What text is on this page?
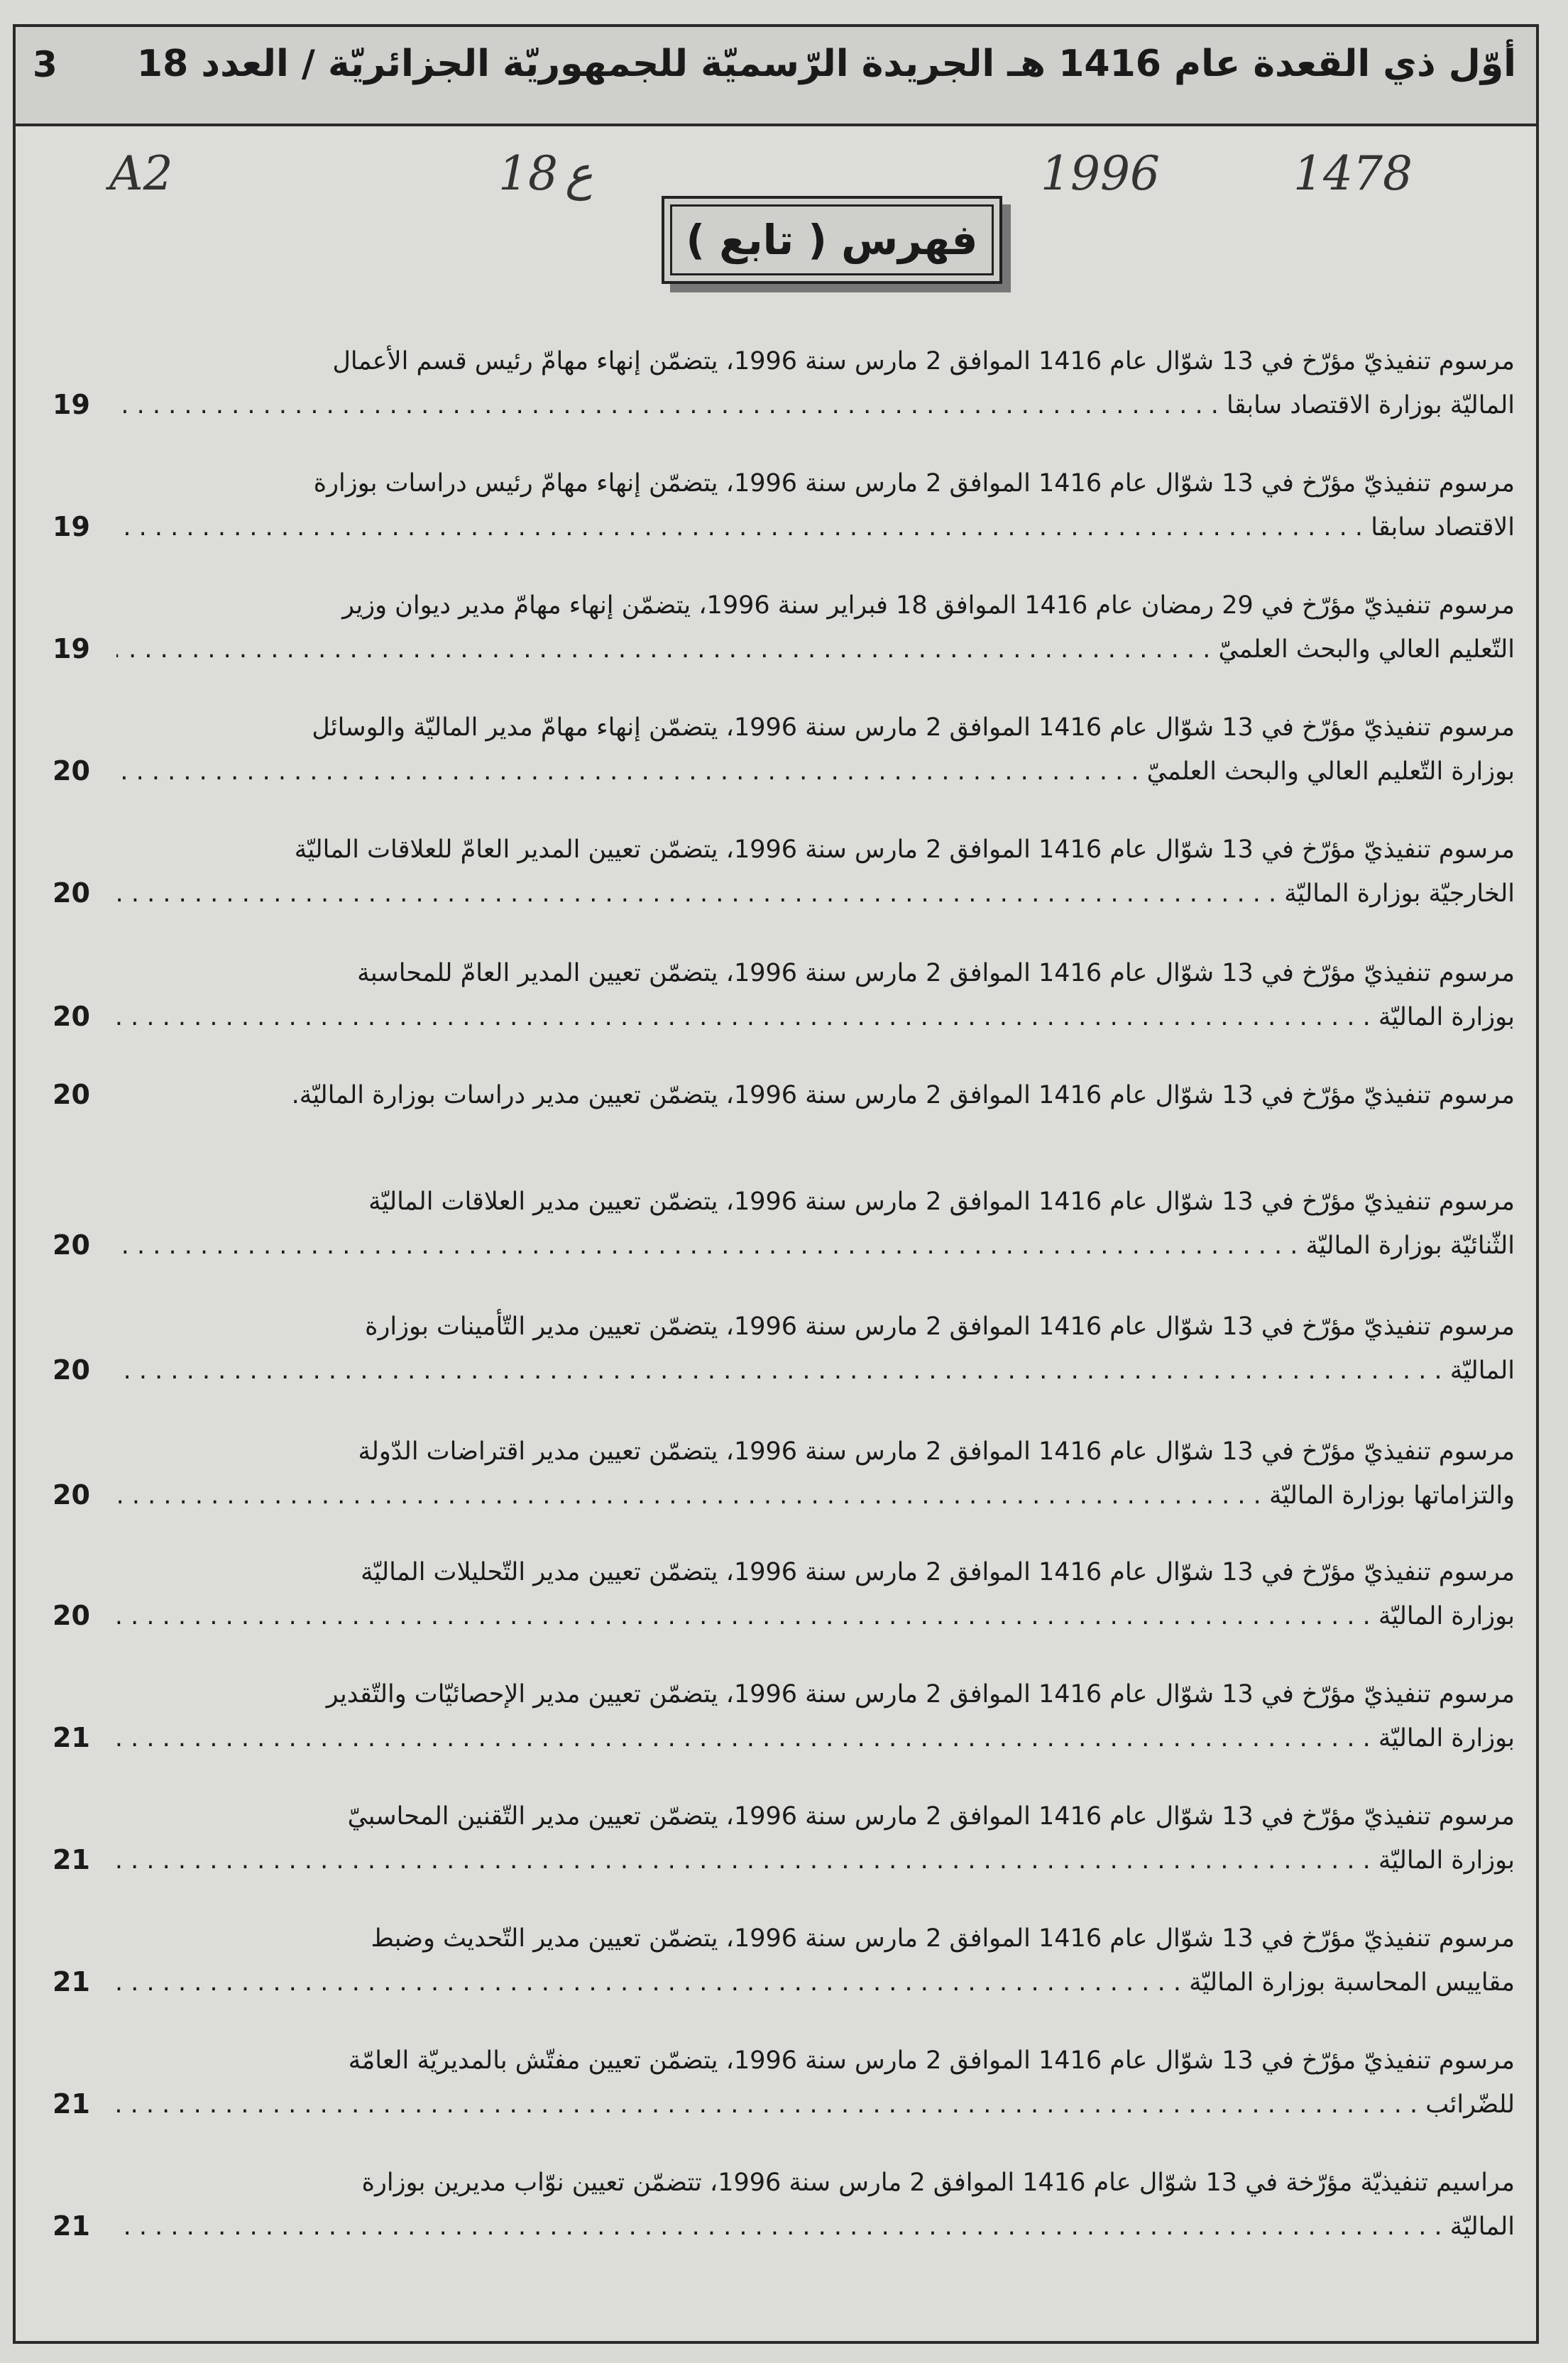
أوّل ذي القعدة عام 1416 هـ الجريدة الرّسميّة للجمهوريّة الجزائريّة / العدد 18
3
A2	18 ع	1996	1478
فهرس ( تابع )
مرسوم تنفيذيّ مؤرّخ في 13 شوّال عام 1416 الموافق 2 مارس سنة 1996، يتضمّن إنهاء مهامّ رئيس قسم الأعمال
الماليّة بوزارة الاقتصاد سابقا . . .
19
مرسوم تنفيذيّ مؤرّخ في 13 شوّال عام 1416 الموافق 2 مارس سنة 1996، يتضمّن إنهاء مهامّ رئيس دراسات بوزارة
الاقتصاد سابقا . . .
19
مرسوم تنفيذيّ مؤرّخ في 29 رمضان عام 1416 الموافق 18 فبراير سنة 1996، يتضمّن إنهاء مهامّ مدير ديوان وزير
التّعليم العالي والبحث العلميّ . . .
19
مرسوم تنفيذيّ مؤرّخ في 13 شوّال عام 1416 الموافق 2 مارس سنة 1996، يتضمّن إنهاء مهامّ مدير الماليّة والوسائل
بوزارة التّعليم العالي والبحث العلميّ . . .
20
مرسوم تنفيذيّ مؤرّخ في 13 شوّال عام 1416 الموافق 2 مارس سنة 1996، يتضمّن تعيين المدير العامّ للعلاقات الماليّة
الخارجيّة بوزارة الماليّة . . .
20
مرسوم تنفيذيّ مؤرّخ في 13 شوّال عام 1416 الموافق 2 مارس سنة 1996، يتضمّن تعيين المدير العامّ للمحاسبة
بوزارة الماليّة . . .
20
مرسوم تنفيذيّ مؤرّخ في 13 شوّال عام 1416 الموافق 2 مارس سنة 1996، يتضمّن تعيين مدير دراسات بوزارة الماليّة.
20
مرسوم تنفيذيّ مؤرّخ في 13 شوّال عام 1416 الموافق 2 مارس سنة 1996، يتضمّن تعيين مدير العلاقات الماليّة
الثّنائيّة بوزارة الماليّة . . .
20
مرسوم تنفيذيّ مؤرّخ في 13 شوّال عام 1416 الموافق 2 مارس سنة 1996، يتضمّن تعيين مدير التّأمينات بوزارة
الماليّة . . .
20
مرسوم تنفيذيّ مؤرّخ في 13 شوّال عام 1416 الموافق 2 مارس سنة 1996، يتضمّن تعيين مدير اقتراضات الدّولة
والتزاماتها بوزارة الماليّة . . .
20
مرسوم تنفيذيّ مؤرّخ في 13 شوّال عام 1416 الموافق 2 مارس سنة 1996، يتضمّن تعيين مدير التّحليلات الماليّة
بوزارة الماليّة . . .
20
مرسوم تنفيذيّ مؤرّخ في 13 شوّال عام 1416 الموافق 2 مارس سنة 1996، يتضمّن تعيين مدير الإحصائيّات والتّقدير
بوزارة الماليّة . . .
21
مرسوم تنفيذيّ مؤرّخ في 13 شوّال عام 1416 الموافق 2 مارس سنة 1996، يتضمّن تعيين مدير التّقنين المحاسبيّ
بوزارة الماليّة . . .
21
مرسوم تنفيذيّ مؤرّخ في 13 شوّال عام 1416 الموافق 2 مارس سنة 1996، يتضمّن تعيين مدير التّحديث وضبط
مقاييس المحاسبة بوزارة الماليّة . . .
21
مرسوم تنفيذيّ مؤرّخ في 13 شوّال عام 1416 الموافق 2 مارس سنة 1996، يتضمّن تعيين مفتّش بالمديريّة العامّة
للضّرائب . . .
21
مراسيم تنفيذيّة مؤرّخة في 13 شوّال عام 1416 الموافق 2 مارس سنة 1996، تتضمّن تعيين نوّاب مديرين بوزارة
الماليّة . . .
21
